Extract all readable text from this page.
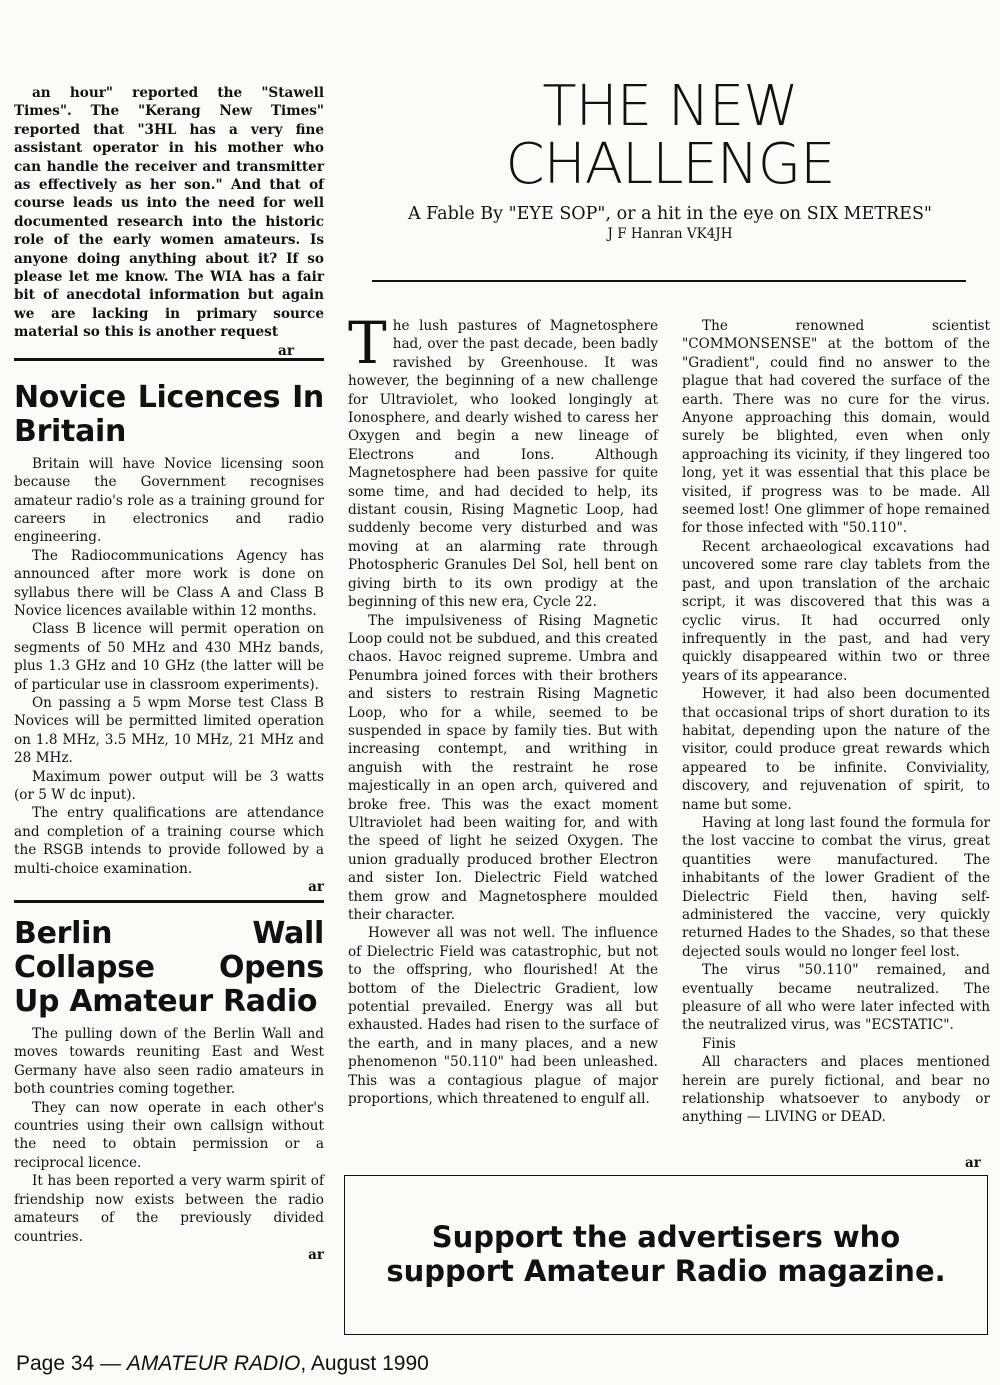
an hour" reported the "Stawell Times". The "Kerang New Times" reported that "3HL has a very fine assistant operator in his mother who can handle the receiver and transmitter as effectively as her son." And that of course leads us into the need for well documented research into the historic role of the early women amateurs. Is anyone doing anything about it? If so please let me know. The WIA has a fair bit of anecdotal information but again we are lacking in primary source material so this is another request
ar

Novice Licences In Britain

Britain will have Novice licensing soon because the Government recognises amateur radio's role as a training ground for careers in electronics and radio engineering.

The Radiocommunications Agency has announced after more work is done on syllabus there will be Class A and Class B Novice licences available within 12 months.

Class B licence will permit operation on segments of 50 MHz and 430 MHz bands, plus 1.3 GHz and 10 GHz (the latter will be of particular use in classroom experiments).

On passing a 5 wpm Morse test Class B Novices will be permitted limited operation on 1.8 MHz, 3.5 MHz, 10 MHz, 21 MHz and 28 MHz.

Maximum power output will be 3 watts (or 5 W dc input).

The entry qualifications are attendance and completion of a training course which the RSGB intends to provide followed by a multi-choice examination.

ar

Berlin Wall Collapse Opens Up Amateur Radio

The pulling down of the Berlin Wall and moves towards reuniting East and West Germany have also seen radio amateurs in both countries coming together.

They can now operate in each other's countries using their own callsign without the need to obtain permission or a reciprocal licence.

It has been reported a very warm spirit of friendship now exists between the radio amateurs of the previously divided countries.

ar

THE NEW
CHALLENGE
A Fable By "EYE SOP", or a hit in the eye on SIX METRES"
J F Hanran VK4JH

The lush pastures of Magnetosphere had, over the past decade, been badly ravished by Greenhouse. It was however, the beginning of a new challenge for Ultraviolet, who looked longingly at Ionosphere, and dearly wished to caress her Oxygen and begin a new lineage of Electrons and Ions. Although Magnetosphere had been passive for quite some time, and had decided to help, its distant cousin, Rising Magnetic Loop, had suddenly become very disturbed and was moving at an alarming rate through Photospheric Granules Del Sol, hell bent on giving birth to its own prodigy at the beginning of this new era, Cycle 22.

The impulsiveness of Rising Magnetic Loop could not be subdued, and this created chaos. Havoc reigned supreme. Umbra and Penumbra joined forces with their brothers and sisters to restrain Rising Magnetic Loop, who for a while, seemed to be suspended in space by family ties. But with increasing contempt, and writhing in anguish with the restraint he rose majestically in an open arch, quivered and broke free. This was the exact moment Ultraviolet had been waiting for, and with the speed of light he seized Oxygen. The union gradually produced brother Electron and sister Ion. Dielectric Field watched them grow and Magnetosphere moulded their character.

However all was not well. The influence of Dielectric Field was catastrophic, but not to the offspring, who flourished! At the bottom of the Dielectric Gradient, low potential prevailed. Energy was all but exhausted. Hades had risen to the surface of the earth, and in many places, and a new phenomenon "50.110" had been unleashed. This was a contagious plague of major proportions, which threatened to engulf all.

The renowned scientist "COMMONSENSE" at the bottom of the "Gradient", could find no answer to the plague that had covered the surface of the earth. There was no cure for the virus. Anyone approaching this domain, would surely be blighted, even when only approaching its vicinity, if they lingered too long, yet it was essential that this place be visited, if progress was to be made. All seemed lost! One glimmer of hope remained for those infected with "50.110".

Recent archaeological excavations had uncovered some rare clay tablets from the past, and upon translation of the archaic script, it was discovered that this was a cyclic virus. It had occurred only infrequently in the past, and had very quickly disappeared within two or three years of its appearance.

However, it had also been documented that occasional trips of short duration to its habitat, depending upon the nature of the visitor, could produce great rewards which appeared to be infinite. Conviviality, discovery, and rejuvenation of spirit, to name but some.

Having at long last found the formula for the lost vaccine to combat the virus, great quantities were manufactured. The inhabitants of the lower Gradient of the Dielectric Field then, having self-administered the vaccine, very quickly returned Hades to the Shades, so that these dejected souls would no longer feel lost.

The virus "50.110" remained, and eventually became neutralized. The pleasure of all who were later infected with the neutralized virus, was "ECSTATIC".

Finis

All characters and places mentioned herein are purely fictional, and bear no relationship whatsoever to anybody or anything — LIVING or DEAD.

ar
Support the advertisers who
support Amateur Radio magazine.
Page 34 — AMATEUR RADIO, August 1990
